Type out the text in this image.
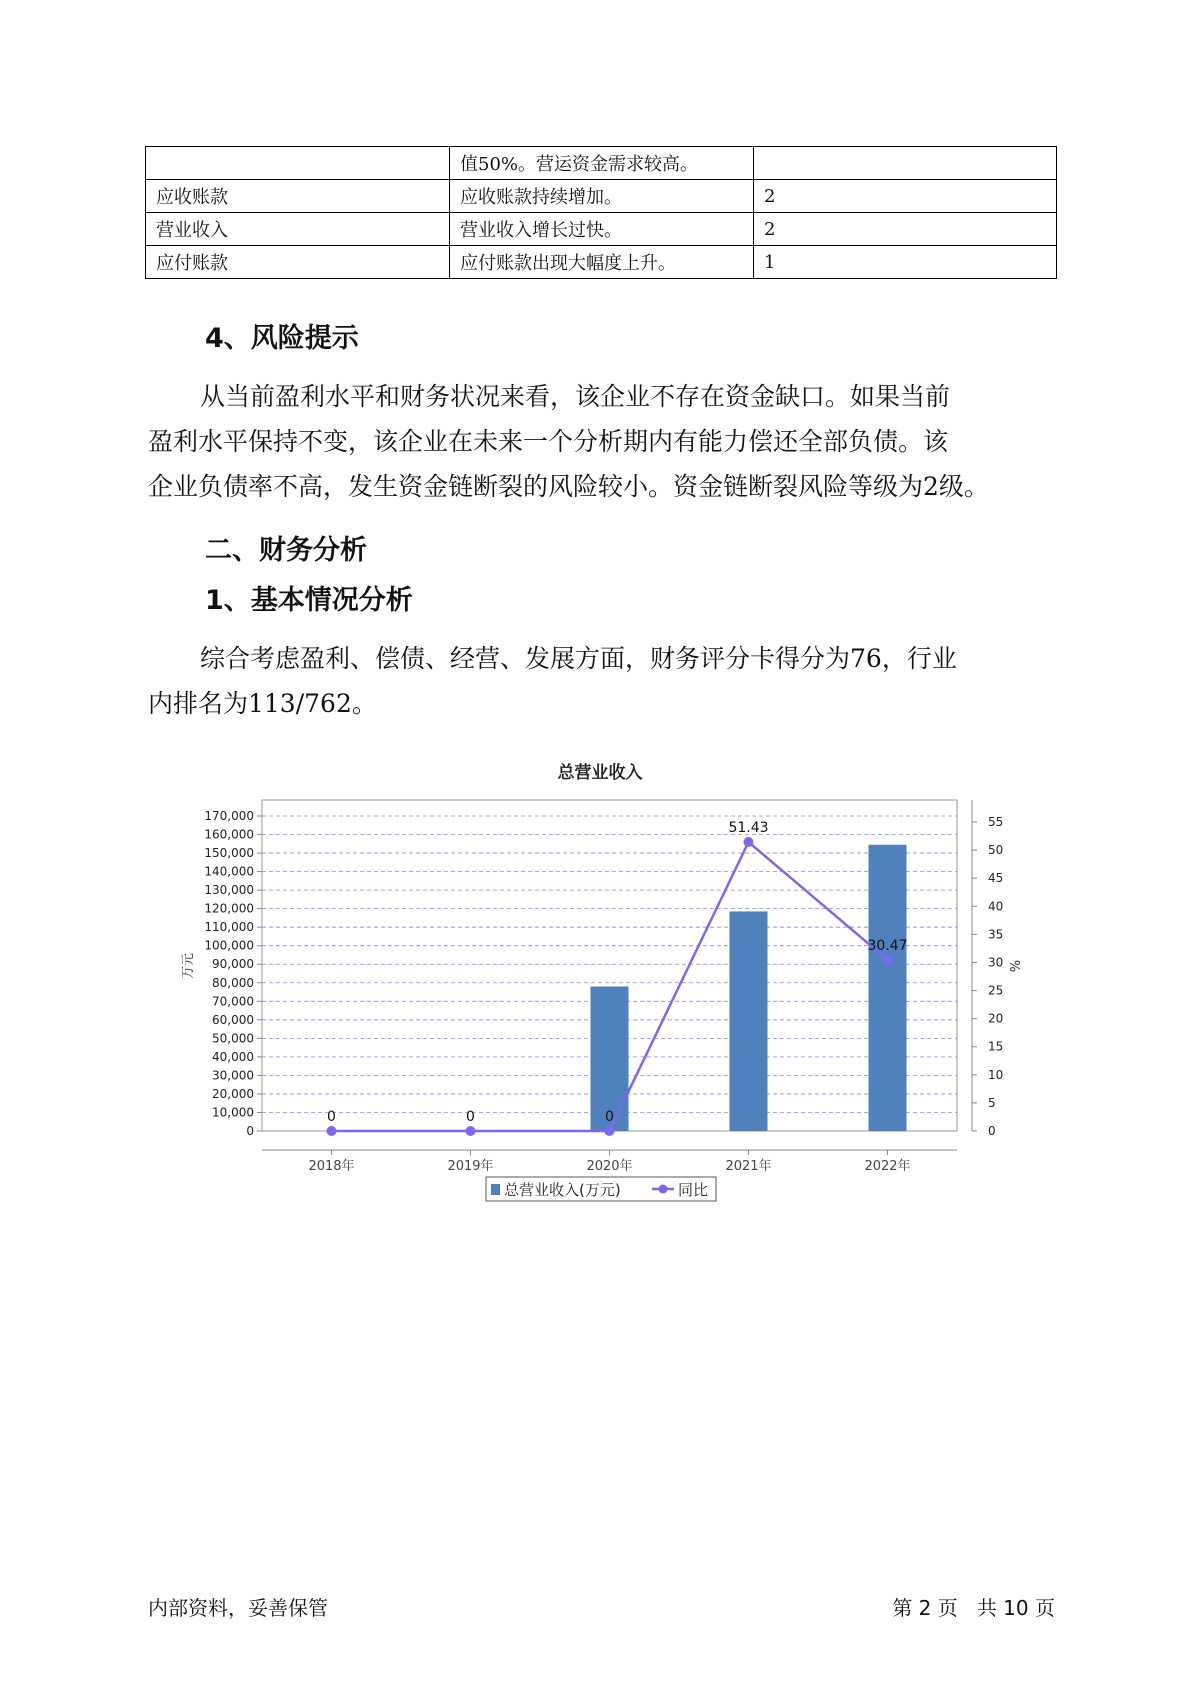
	值50%。营运资金需求较高。	
应收账款	应收账款持续增加。	2
营业收入	营业收入增长过快。	2
应付账款	应付账款出现大幅度上升。	1
4、风险提示
从当前盈利水平和财务状况来看，该企业不存在资金缺口。如果当前
盈利水平保持不变，该企业在未来一个分析期内有能力偿还全部负债。该
企业负债率不高，发生资金链断裂的风险较小。资金链断裂风险等级为2级。
二、财务分析
1、基本情况分析
综合考虑盈利、偿债、经营、发展方面，财务评分卡得分为76，行业
内排名为113/762。
总营业收入
0	0	0
51.43
30.47
0
10,000
20,000
30,000
40,000
50,000
60,000
70,000
80,000
90,000
100,000
110,000
120,000
130,000
140,000
150,000
160,000
170,000
0
5
10
15
20
25
30
35
40
45
50
55
2018年	2019年	2020年	2021年	2022年
万元	%
总营业收入(万元)	同比
内部资料，妥善保管	第 2 页   共 10 页
